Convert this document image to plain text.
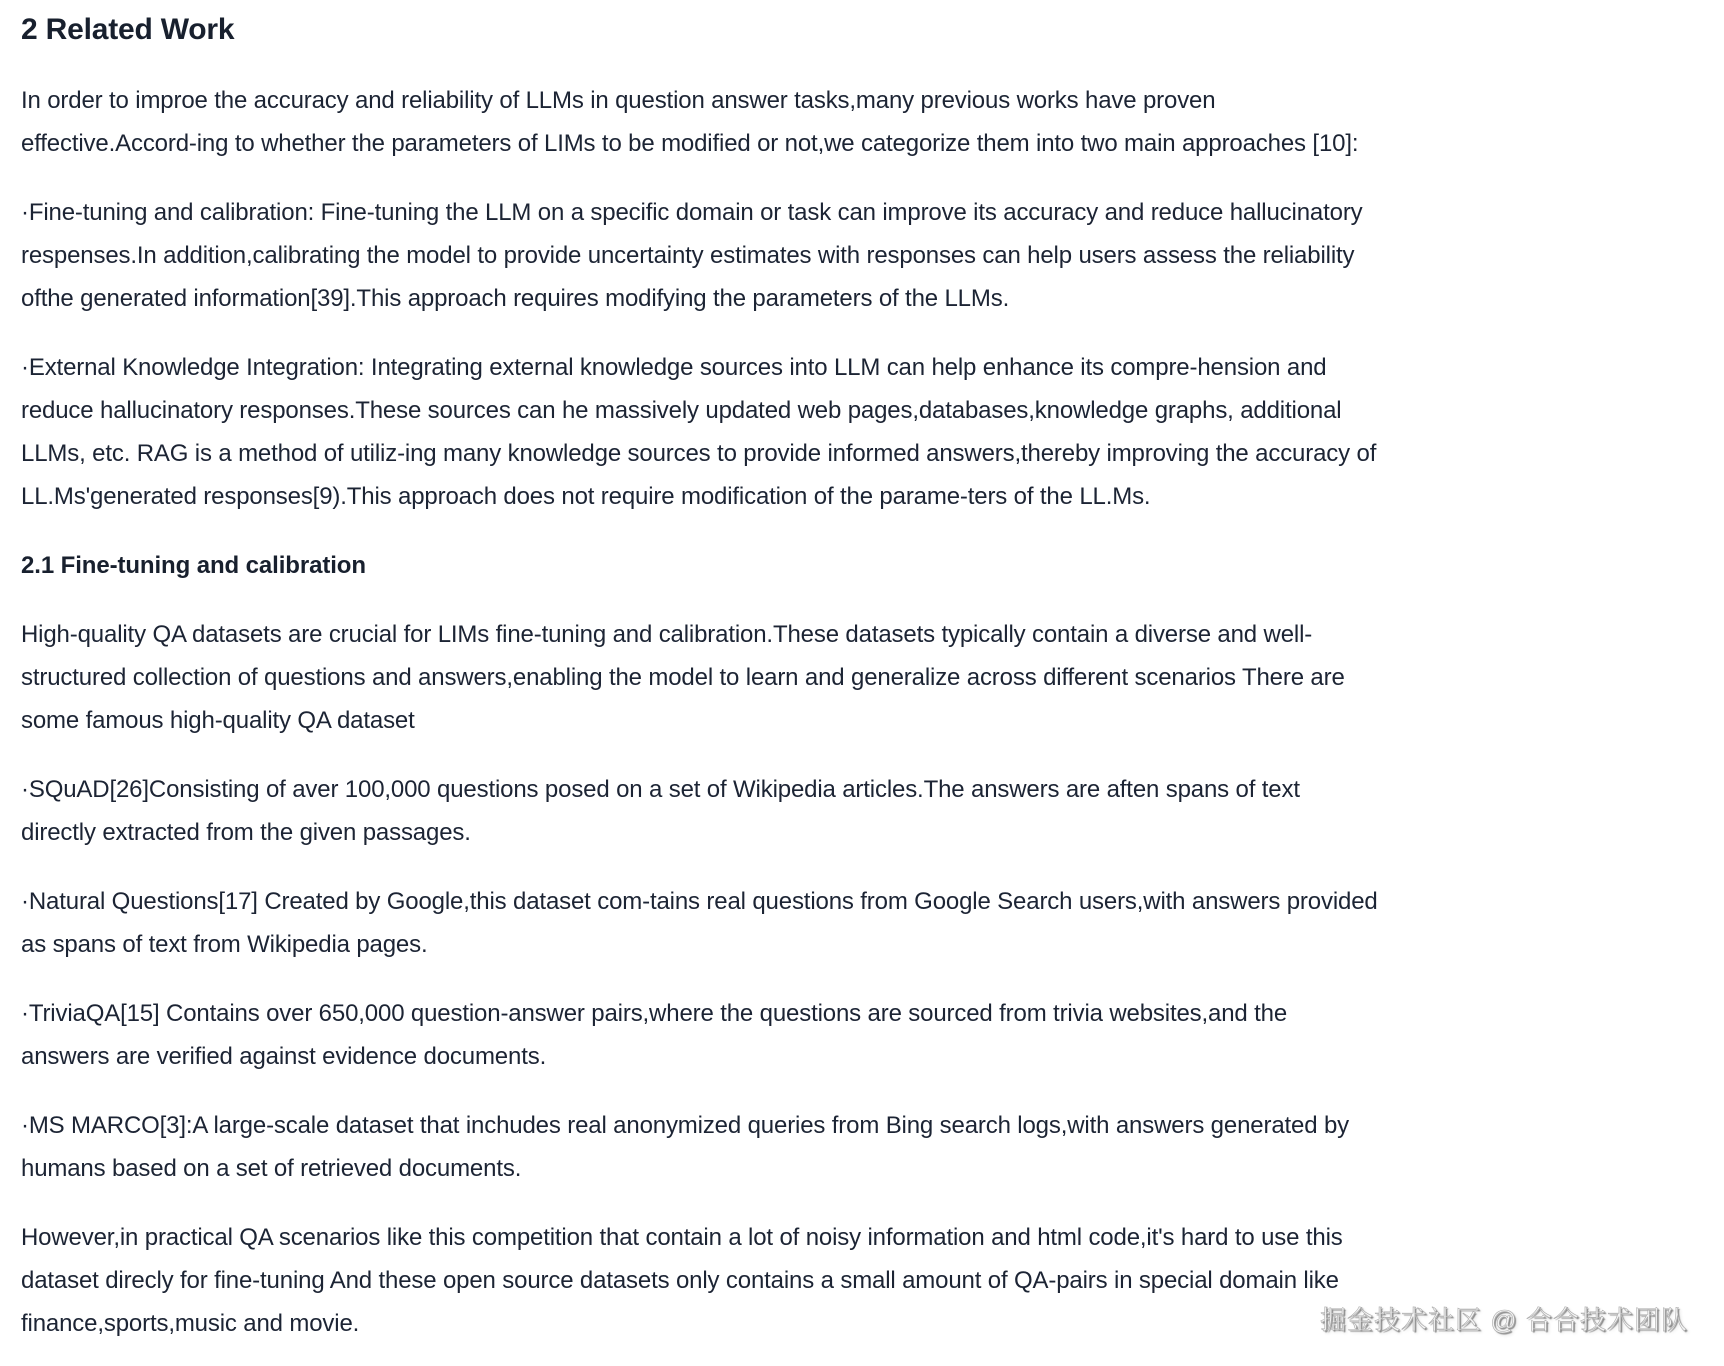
2 Related Work
In order to improe the accuracy and reliability of LLMs in question answer tasks,many previous works have proven
effective.Accord-ing to whether the parameters of LIMs to be modified or not,we categorize them into two main approaches [10]:
·Fine-tuning and calibration: Fine-tuning the LLM on a specific domain or task can improve its accuracy and reduce hallucinatory
respenses.In addition,calibrating the model to provide uncertainty estimates with responses can help users assess the reliability
ofthe generated information[39].This approach requires modifying the parameters of the LLMs.
·External Knowledge Integration: Integrating external knowledge sources into LLM can help enhance its compre-hension and
reduce hallucinatory responses.These sources can he massively updated web pages,databases,knowledge graphs, additional
LLMs, etc. RAG is a method of utiliz-ing many knowledge sources to provide informed answers,thereby improving the accuracy of
LL.Ms'generated responses[9).This approach does not require modification of the parame-ters of the LL.Ms.
2.1 Fine-tuning and calibration
High-quality QA datasets are crucial for LIMs fine-tuning and calibration.These datasets typically contain a diverse and well-
structured collection of questions and answers,enabling the model to learn and generalize across different scenarios There are
some famous high-quality QA dataset
·SQuAD[26]Consisting of aver 100,000 questions posed on a set of Wikipedia articles.The answers are aften spans of text
directly extracted from the given passages.
·Natural Questions[17] Created by Google,this dataset com-tains real questions from Google Search users,with answers provided
as spans of text from Wikipedia pages.
·TriviaQA[15] Contains over 650,000 question-answer pairs,where the questions are sourced from trivia websites,and the
answers are verified against evidence documents.
·MS MARCO[3]:A large-scale dataset that inchudes real anonymized queries from Bing search logs,with answers generated by
humans based on a set of retrieved documents.
However,in practical QA scenarios like this competition that contain a lot of noisy information and html code,it's hard to use this
dataset direcly for fine-tuning And these open source datasets only contains a small amount of QA-pairs in special domain like
finance,sports,music and movie.	掘金技术社区 @ 合合技术团队
